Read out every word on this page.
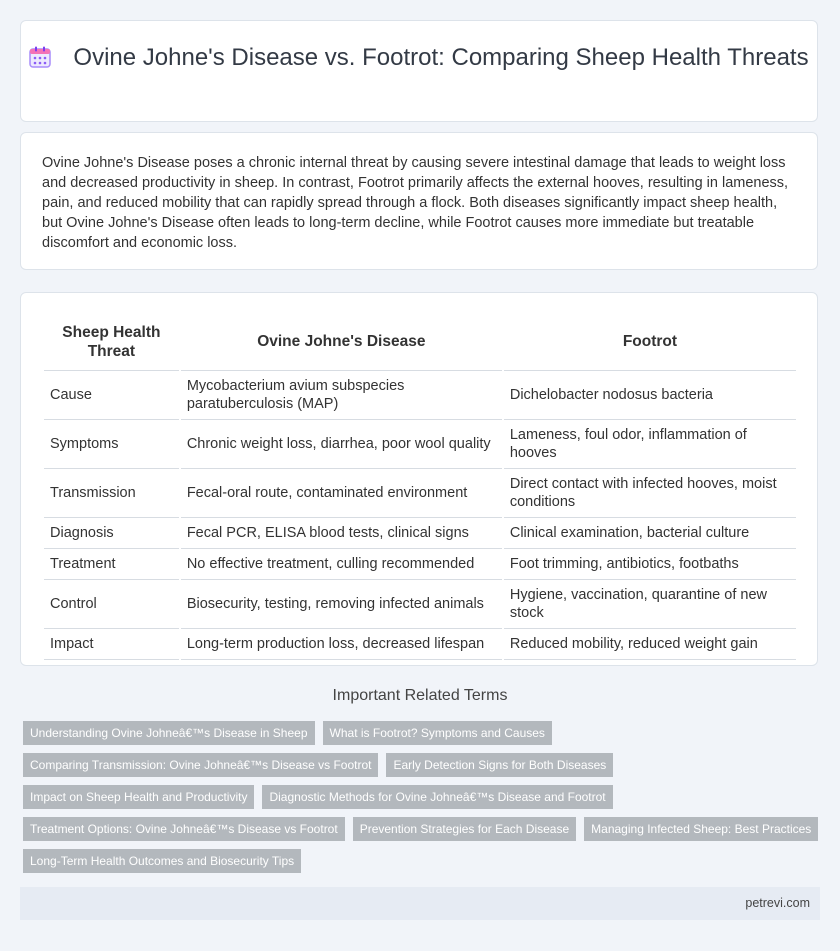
Ovine Johne's Disease vs. Footrot: Comparing Sheep Health Threats
Ovine Johne's Disease poses a chronic internal threat by causing severe intestinal damage that leads to weight loss and decreased productivity in sheep. In contrast, Footrot primarily affects the external hooves, resulting in lameness, pain, and reduced mobility that can rapidly spread through a flock. Both diseases significantly impact sheep health, but Ovine Johne's Disease often leads to long-term decline, while Footrot causes more immediate but treatable discomfort and economic loss.
Sheep Health Threat	Ovine Johne's Disease	Footrot
Cause	Mycobacterium avium subspecies paratuberculosis (MAP)	Dichelobacter nodosus bacteria
Symptoms	Chronic weight loss, diarrhea, poor wool quality	Lameness, foul odor, inflammation of hooves
Transmission	Fecal-oral route, contaminated environment	Direct contact with infected hooves, moist conditions
Diagnosis	Fecal PCR, ELISA blood tests, clinical signs	Clinical examination, bacterial culture
Treatment	No effective treatment, culling recommended	Foot trimming, antibiotics, footbaths
Control	Biosecurity, testing, removing infected animals	Hygiene, vaccination, quarantine of new stock
Impact	Long-term production loss, decreased lifespan	Reduced mobility, reduced weight gain
Important Related Terms
Understanding Ovine Johneâ€™s Disease in Sheep	What is Footrot? Symptoms and Causes
Comparing Transmission: Ovine Johneâ€™s Disease vs Footrot	Early Detection Signs for Both Diseases
Impact on Sheep Health and Productivity	Diagnostic Methods for Ovine Johneâ€™s Disease and Footrot
Treatment Options: Ovine Johneâ€™s Disease vs Footrot	Prevention Strategies for Each Disease	Managing Infected Sheep: Best Practices
Long-Term Health Outcomes and Biosecurity Tips
petrevi.com
